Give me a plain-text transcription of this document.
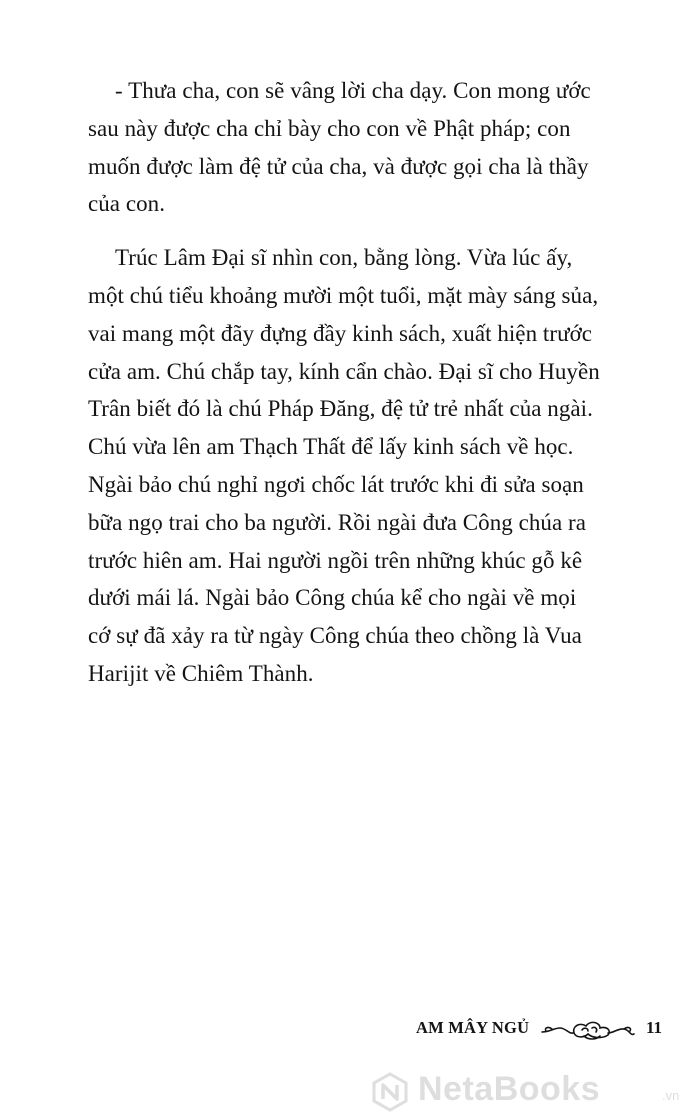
- Thưa cha, con sẽ vâng lời cha dạy. Con mong ước
sau này được cha chỉ bày cho con về Phật pháp; con
muốn được làm đệ tử của cha, và được gọi cha là thầy
của con.
Trúc Lâm Đại sĩ nhìn con, bằng lòng. Vừa lúc ấy,
một chú tiểu khoảng mười một tuổi, mặt mày sáng sủa,
vai mang một đãy đựng đầy kinh sách, xuất hiện trước
cửa am. Chú chắp tay, kính cẩn chào. Đại sĩ cho Huyền
Trân biết đó là chú Pháp Đăng, đệ tử trẻ nhất của ngài.
Chú vừa lên am Thạch Thất để lấy kinh sách về học.
Ngài bảo chú nghỉ ngơi chốc lát trước khi đi sửa soạn
bữa ngọ trai cho ba người. Rồi ngài đưa Công chúa ra
trước hiên am. Hai người ngồi trên những khúc gỗ kê
dưới mái lá. Ngài bảo Công chúa kể cho ngài về mọi
cớ sự đã xảy ra từ ngày Công chúa theo chồng là Vua
Harijit về Chiêm Thành.
AM MÂY NGỦ	11
NetaBooks	.vn
